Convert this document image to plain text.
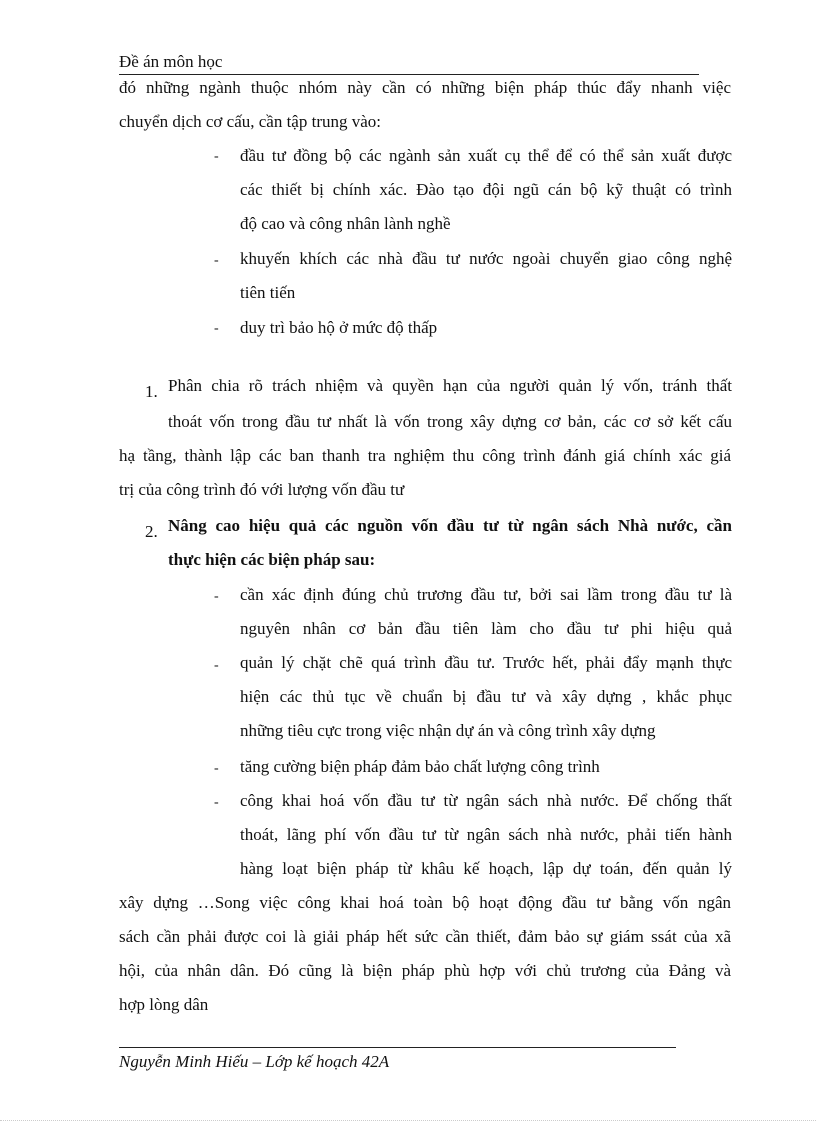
Đề án môn học
đó những ngành thuộc nhóm này cần có những biện pháp thúc đẩy nhanh việc
chuyển dịch cơ cấu, cần tập trung vào:
- đầu tư đồng bộ các ngành sản xuất cụ thể để có thể sản xuất được
các thiết bị chính xác. Đào tạo đội ngũ cán bộ kỹ thuật có trình
độ cao và công nhân lành nghề
- khuyến khích các nhà đầu tư nước ngoài chuyển giao công nghệ
tiên tiến
- duy trì bảo hộ ở mức độ thấp
1. Phân chia rõ trách nhiệm và quyền hạn của người quản lý vốn, tránh thất
thoát vốn trong đầu tư nhất là vốn trong xây dựng cơ bản, các cơ sở kết cấu
hạ tầng, thành lập các ban thanh tra nghiệm thu công trình đánh giá chính xác giá
trị của công trình đó với lượng vốn đầu tư
2. Nâng cao hiệu quả các nguồn vốn đầu tư từ ngân sách Nhà nước, cần
thực hiện các biện pháp sau:
- cần xác định đúng chủ trương đầu tư, bởi sai lầm trong đầu tư là
nguyên nhân cơ bản đầu tiên làm cho đầu tư phi hiệu quả
- quản lý chặt chẽ quá trình đầu tư. Trước hết, phải đẩy mạnh thực
hiện các thủ tục về chuẩn bị đầu tư và xây dựng , khắc phục
những tiêu cực trong việc nhận dự án và công trình xây dựng
- tăng cường biện pháp đảm bảo chất lượng công trình
- công khai hoá vốn đầu tư từ ngân sách nhà nước. Để chống thất
thoát, lãng phí vốn đầu tư từ ngân sách nhà nước, phải tiến hành
hàng loạt biện pháp từ khâu kế hoạch, lập dự toán, đến quản lý
xây dựng …Song việc công khai hoá toàn bộ hoạt động đầu tư bằng vốn ngân
sách cần phải được coi là giải pháp hết sức cần thiết, đảm bảo sự giám ssát của xã
hội, của nhân dân. Đó cũng là biện pháp phù hợp với chủ trương của Đảng và
hợp lòng dân
Nguyễn Minh Hiếu – Lớp kế hoạch 42A
